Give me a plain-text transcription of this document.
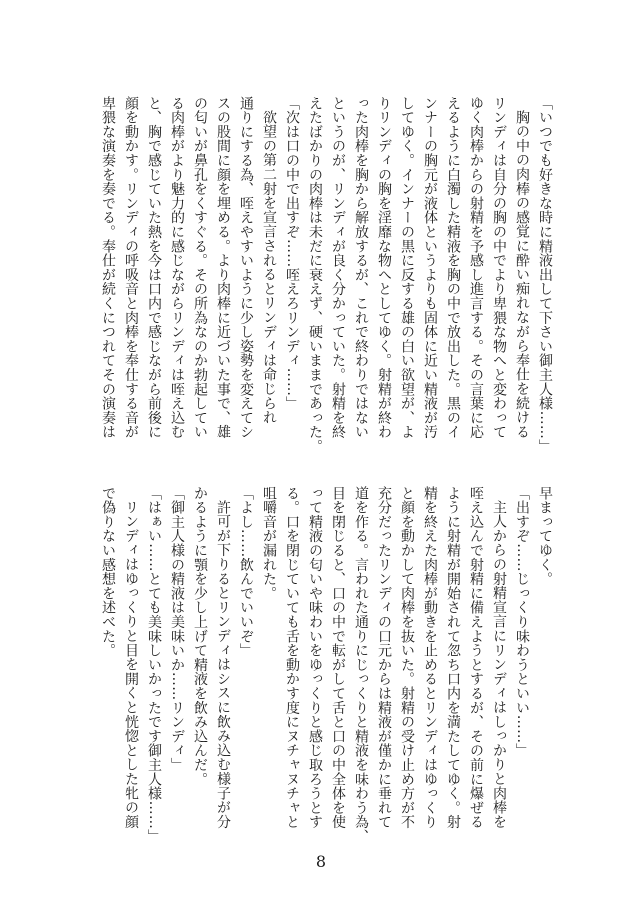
「いつでも好きな時に精液出して下さい御主人様……」
胸の中の肉棒の感覚に酔い痴れながら奉仕を続ける
リンディは自分の胸の中でより卑猥な物へと変わって
ゆく肉棒からの射精を予感し進言する。その言葉に応
えるように白濁した精液を胸の中で放出した。黒のイ
ンナーの胸元が液体というよりも固体に近い精液が汚
してゆく。インナーの黒に反する雄の白い欲望が、よ
りリンディの胸を淫靡な物へとしてゆく。射精が終わ
った肉棒を胸から解放するが、これで終わりではない
というのが、リンディが良く分かっていた。射精を終
えたばかりの肉棒は未だに衰えず、硬いままであった。
「次は口の中で出すぞ……咥えろリンディ……」
欲望の第二射を宣言されるとリンディは命じられ
通りにする為、咥えやすいように少し姿勢を変えてシ
スの股間に顔を埋める。より肉棒に近づいた事で、雄
の匂いが鼻孔をくすぐる。その所為なのか勃起してい
る肉棒がより魅力的に感じながらリンディは咥え込む
と、胸で感じていた熱を今は口内で感じながら前後に
顔を動かす。リンディの呼吸音と肉棒を奉仕する音が
卑猥な演奏を奏でる。奉仕が続くにつれてその演奏は
早まってゆく。
「出すぞ……じっくり味わうといい……」
主人からの射精宣言にリンディはしっかりと肉棒を
咥え込んで射精に備えようとするが、その前に爆ぜる
ように射精が開始されて忽ち口内を満たしてゆく。射
精を終えた肉棒が動きを止めるとリンディはゆっくり
と顔を動かして肉棒を抜いた。射精の受け止め方が不
充分だったリンディの口元からは精液が僅かに垂れて
道を作る。言われた通りにじっくりと精液を味わう為、
目を閉じると、口の中で転がして舌と口の中全体を使
って精液の匂いや味わいをゆっくりと感じ取ろうとす
る。口を閉じていても舌を動かす度にヌチャヌチャと
咀嚼音が漏れた。
「よし……飲んでいいぞ」
許可が下りるとリンディはシスに飲み込む様子が分
かるように顎を少し上げて精液を飲み込んだ。
「御主人様の精液は美味いか……リンディ」
「はぁい……とても美味しいかったです御主人様……」
リンディはゆっくりと目を開くと恍惚とした牝の顔
で偽りない感想を述べた。
8
